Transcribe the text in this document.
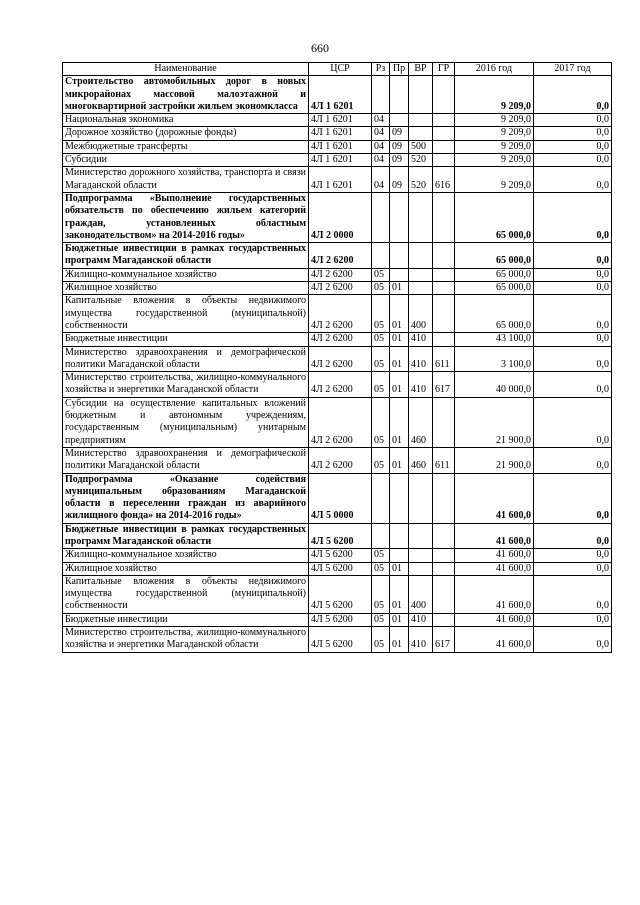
660
Наименование	ЦСР	Рз	Пр	ВР	ГР	2016 год	2017 год
Строительство автомобильных дорог в новых микрорайонах массовой малоэтажной и многоквартирной застройки жильем экономкласса	4Л 1 6201					9 209,0	0,0
Национальная экономика	4Л 1 6201	04				9 209,0	0,0
Дорожное хозяйство (дорожные фонды)	4Л 1 6201	04	09			9 209,0	0,0
Межбюджетные трансферты	4Л 1 6201	04	09	500		9 209,0	0,0
Субсидии	4Л 1 6201	04	09	520		9 209,0	0,0
Министерство дорожного хозяйства, транспорта и связи Магаданской области	4Л 1 6201	04	09	520	616	9 209,0	0,0
Подпрограмма «Выполнение государственных обязательств по обеспечению жильем категорий граждан, установленных областным законодательством» на 2014-2016 годы»	4Л 2 0000					65 000,0	0,0
Бюджетные инвестиции в рамках государственных программ Магаданской области	4Л 2 6200					65 000,0	0,0
Жилищно-коммунальное хозяйство	4Л 2 6200	05				65 000,0	0,0
Жилищное хозяйство	4Л 2 6200	05	01			65 000,0	0,0
Капитальные вложения в объекты недвижимого имущества государственной (муниципальной) собственности	4Л 2 6200	05	01	400		65 000,0	0,0
Бюджетные инвестиции	4Л 2 6200	05	01	410		43 100,0	0,0
Министерство здравоохранения и демографической политики Магаданской области	4Л 2 6200	05	01	410	611	3 100,0	0,0
Министерство строительства, жилищно-коммунального хозяйства и энергетики Магаданской области	4Л 2 6200	05	01	410	617	40 000,0	0,0
Субсидии на осуществление капитальных вложений бюджетным и автономным учреждениям, государственным (муниципальным) унитарным предприятиям	4Л 2 6200	05	01	460		21 900,0	0,0
Министерство здравоохранения и демографической политики Магаданской области	4Л 2 6200	05	01	460	611	21 900,0	0,0
Подпрограмма «Оказание содействия муниципальным образованиям Магаданской области в переселении граждан из аварийного жилищного фонда» на 2014-2016 годы»	4Л 5 0000					41 600,0	0,0
Бюджетные инвестиции в рамках государственных программ Магаданской области	4Л 5 6200					41 600,0	0,0
Жилищно-коммунальное хозяйство	4Л 5 6200	05				41 600,0	0,0
Жилищное хозяйство	4Л 5 6200	05	01			41 600,0	0,0
Капитальные вложения в объекты недвижимого имущества государственной (муниципальной) собственности	4Л 5 6200	05	01	400		41 600,0	0,0
Бюджетные инвестиции	4Л 5 6200	05	01	410		41 600,0	0,0
Министерство строительства, жилищно-коммунального хозяйства и энергетики Магаданской области	4Л 5 6200	05	01	410	617	41 600,0	0,0
